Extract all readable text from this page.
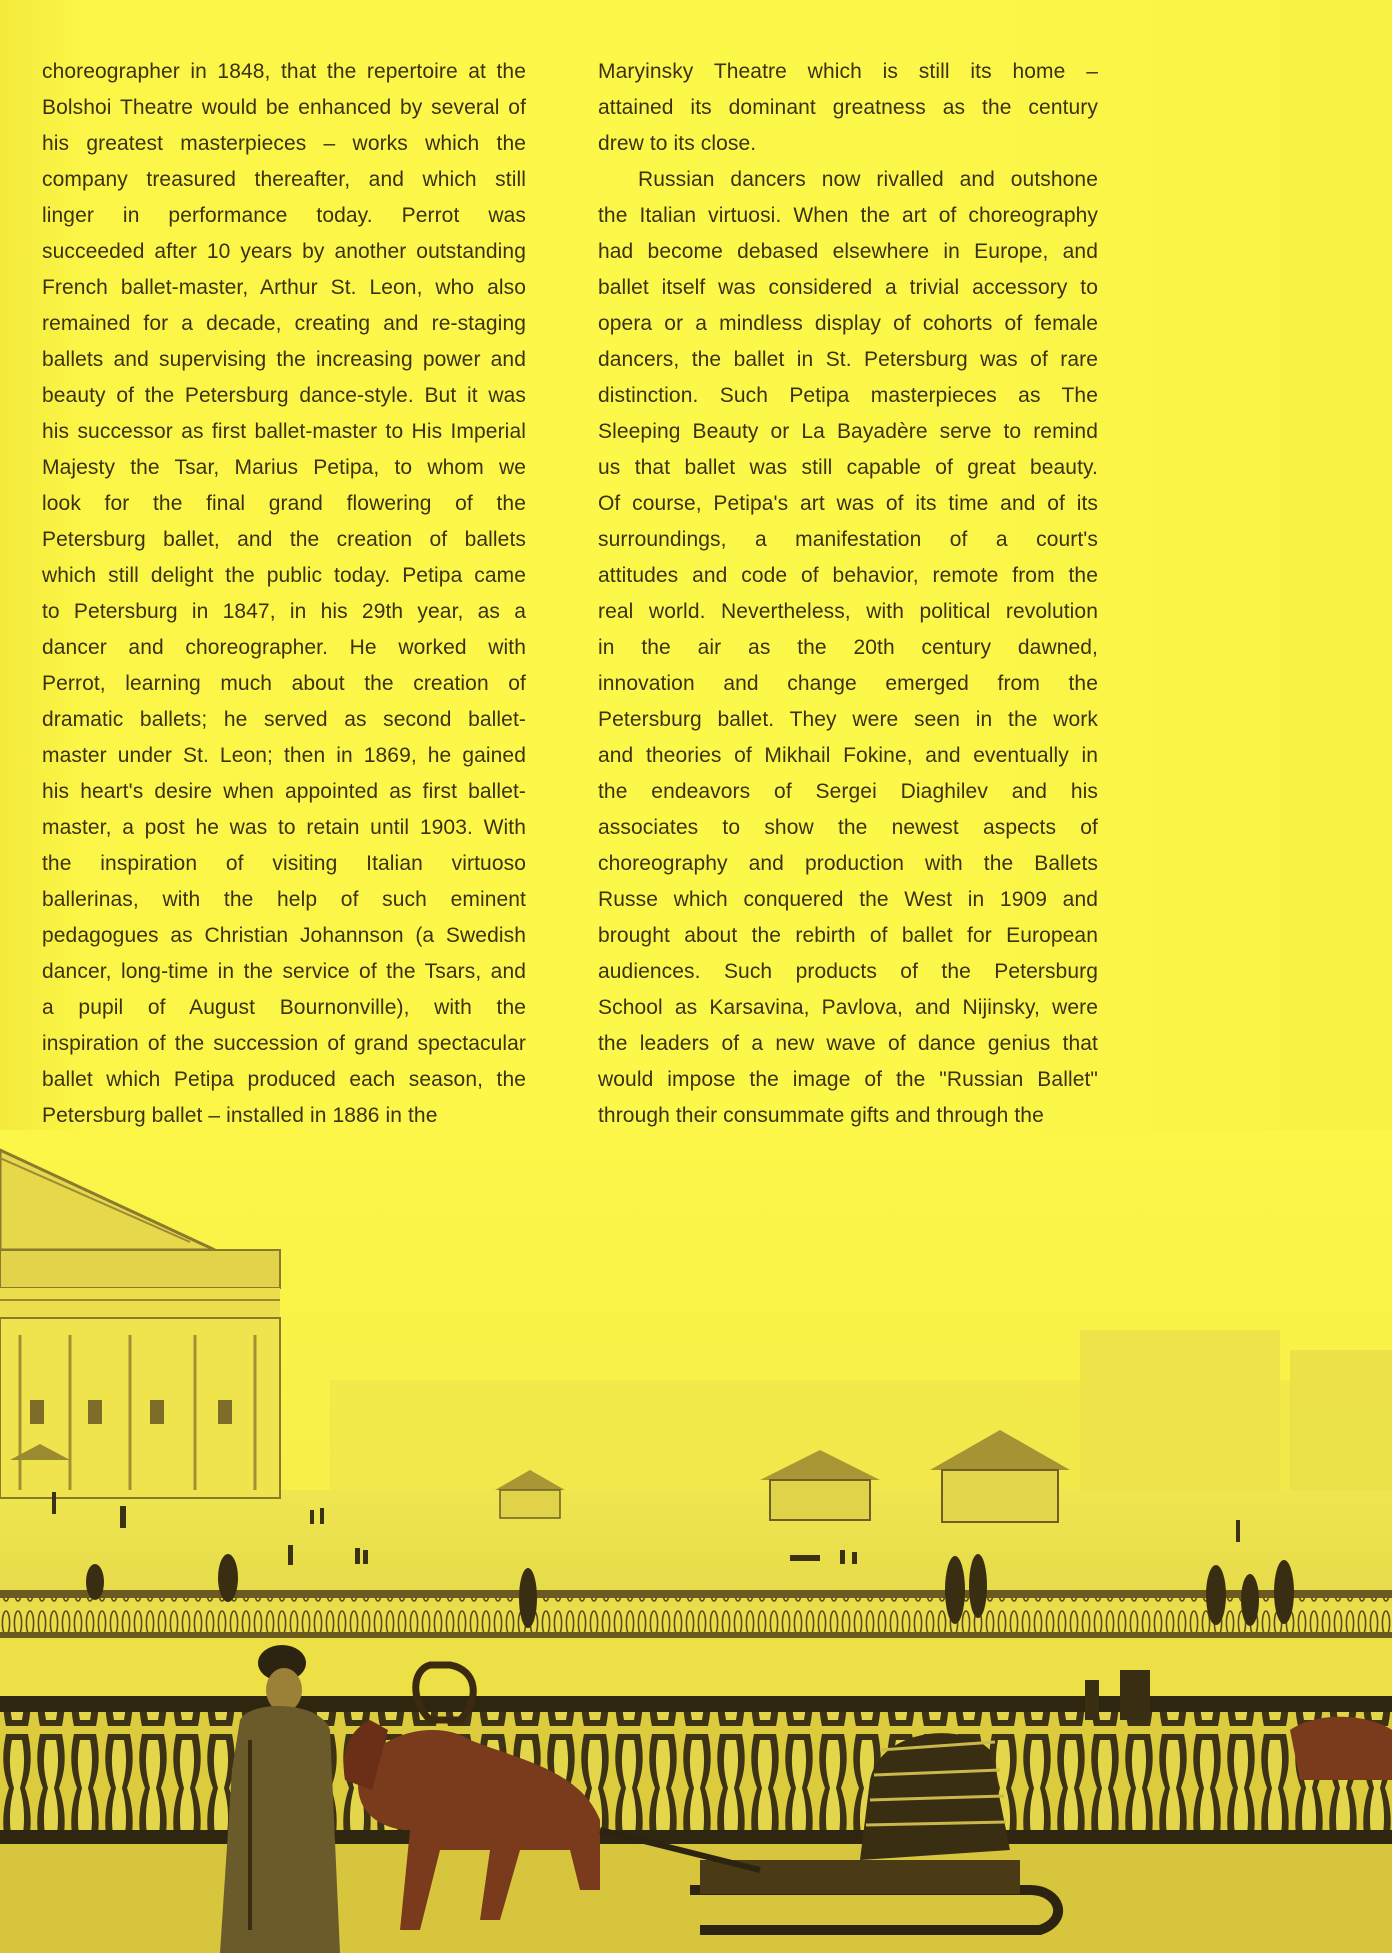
choreographer in 1848, that the repertoire at the
Bolshoi Theatre would be enhanced by several of
his greatest masterpieces – works which the
company treasured thereafter, and which still
linger in performance today. Perrot was
succeeded after 10 years by another outstanding
French ballet-master, Arthur St. Leon, who also
remained for a decade, creating and re-staging
ballets and supervising the increasing power and
beauty of the Petersburg dance-style. But it was
his successor as first ballet-master to His Imperial
Majesty the Tsar, Marius Petipa, to whom we
look for the final grand flowering of the
Petersburg ballet, and the creation of ballets
which still delight the public today. Petipa came
to Petersburg in 1847, in his 29th year, as a
dancer and choreographer. He worked with
Perrot, learning much about the creation of
dramatic ballets; he served as second ballet-
master under St. Leon; then in 1869, he gained
his heart's desire when appointed as first ballet-
master, a post he was to retain until 1903. With
the inspiration of visiting Italian virtuoso
ballerinas, with the help of such eminent
pedagogues as Christian Johannson (a Swedish
dancer, long-time in the service of the Tsars, and
a pupil of August Bournonville), with the
inspiration of the succession of grand spectacular
ballet which Petipa produced each season, the
Petersburg ballet – installed in 1886 in the
Maryinsky Theatre which is still its home –
attained its dominant greatness as the century
drew to its close.
Russian dancers now rivalled and outshone
the Italian virtuosi. When the art of choreography
had become debased elsewhere in Europe, and
ballet itself was considered a trivial accessory to
opera or a mindless display of cohorts of female
dancers, the ballet in St. Petersburg was of rare
distinction. Such Petipa masterpieces as The
Sleeping Beauty or La Bayadère serve to remind
us that ballet was still capable of great beauty.
Of course, Petipa's art was of its time and of its
surroundings, a manifestation of a court's
attitudes and code of behavior, remote from the
real world. Nevertheless, with political revolution
in the air as the 20th century dawned,
innovation and change emerged from the
Petersburg ballet. They were seen in the work
and theories of Mikhail Fokine, and eventually in
the endeavors of Sergei Diaghilev and his
associates to show the newest aspects of
choreography and production with the Ballets
Russe which conquered the West in 1909 and
brought about the rebirth of ballet for European
audiences. Such products of the Petersburg
School as Karsavina, Pavlova, and Nijinsky, were
the leaders of a new wave of dance genius that
would impose the image of the "Russian Ballet"
through their consummate gifts and through the
